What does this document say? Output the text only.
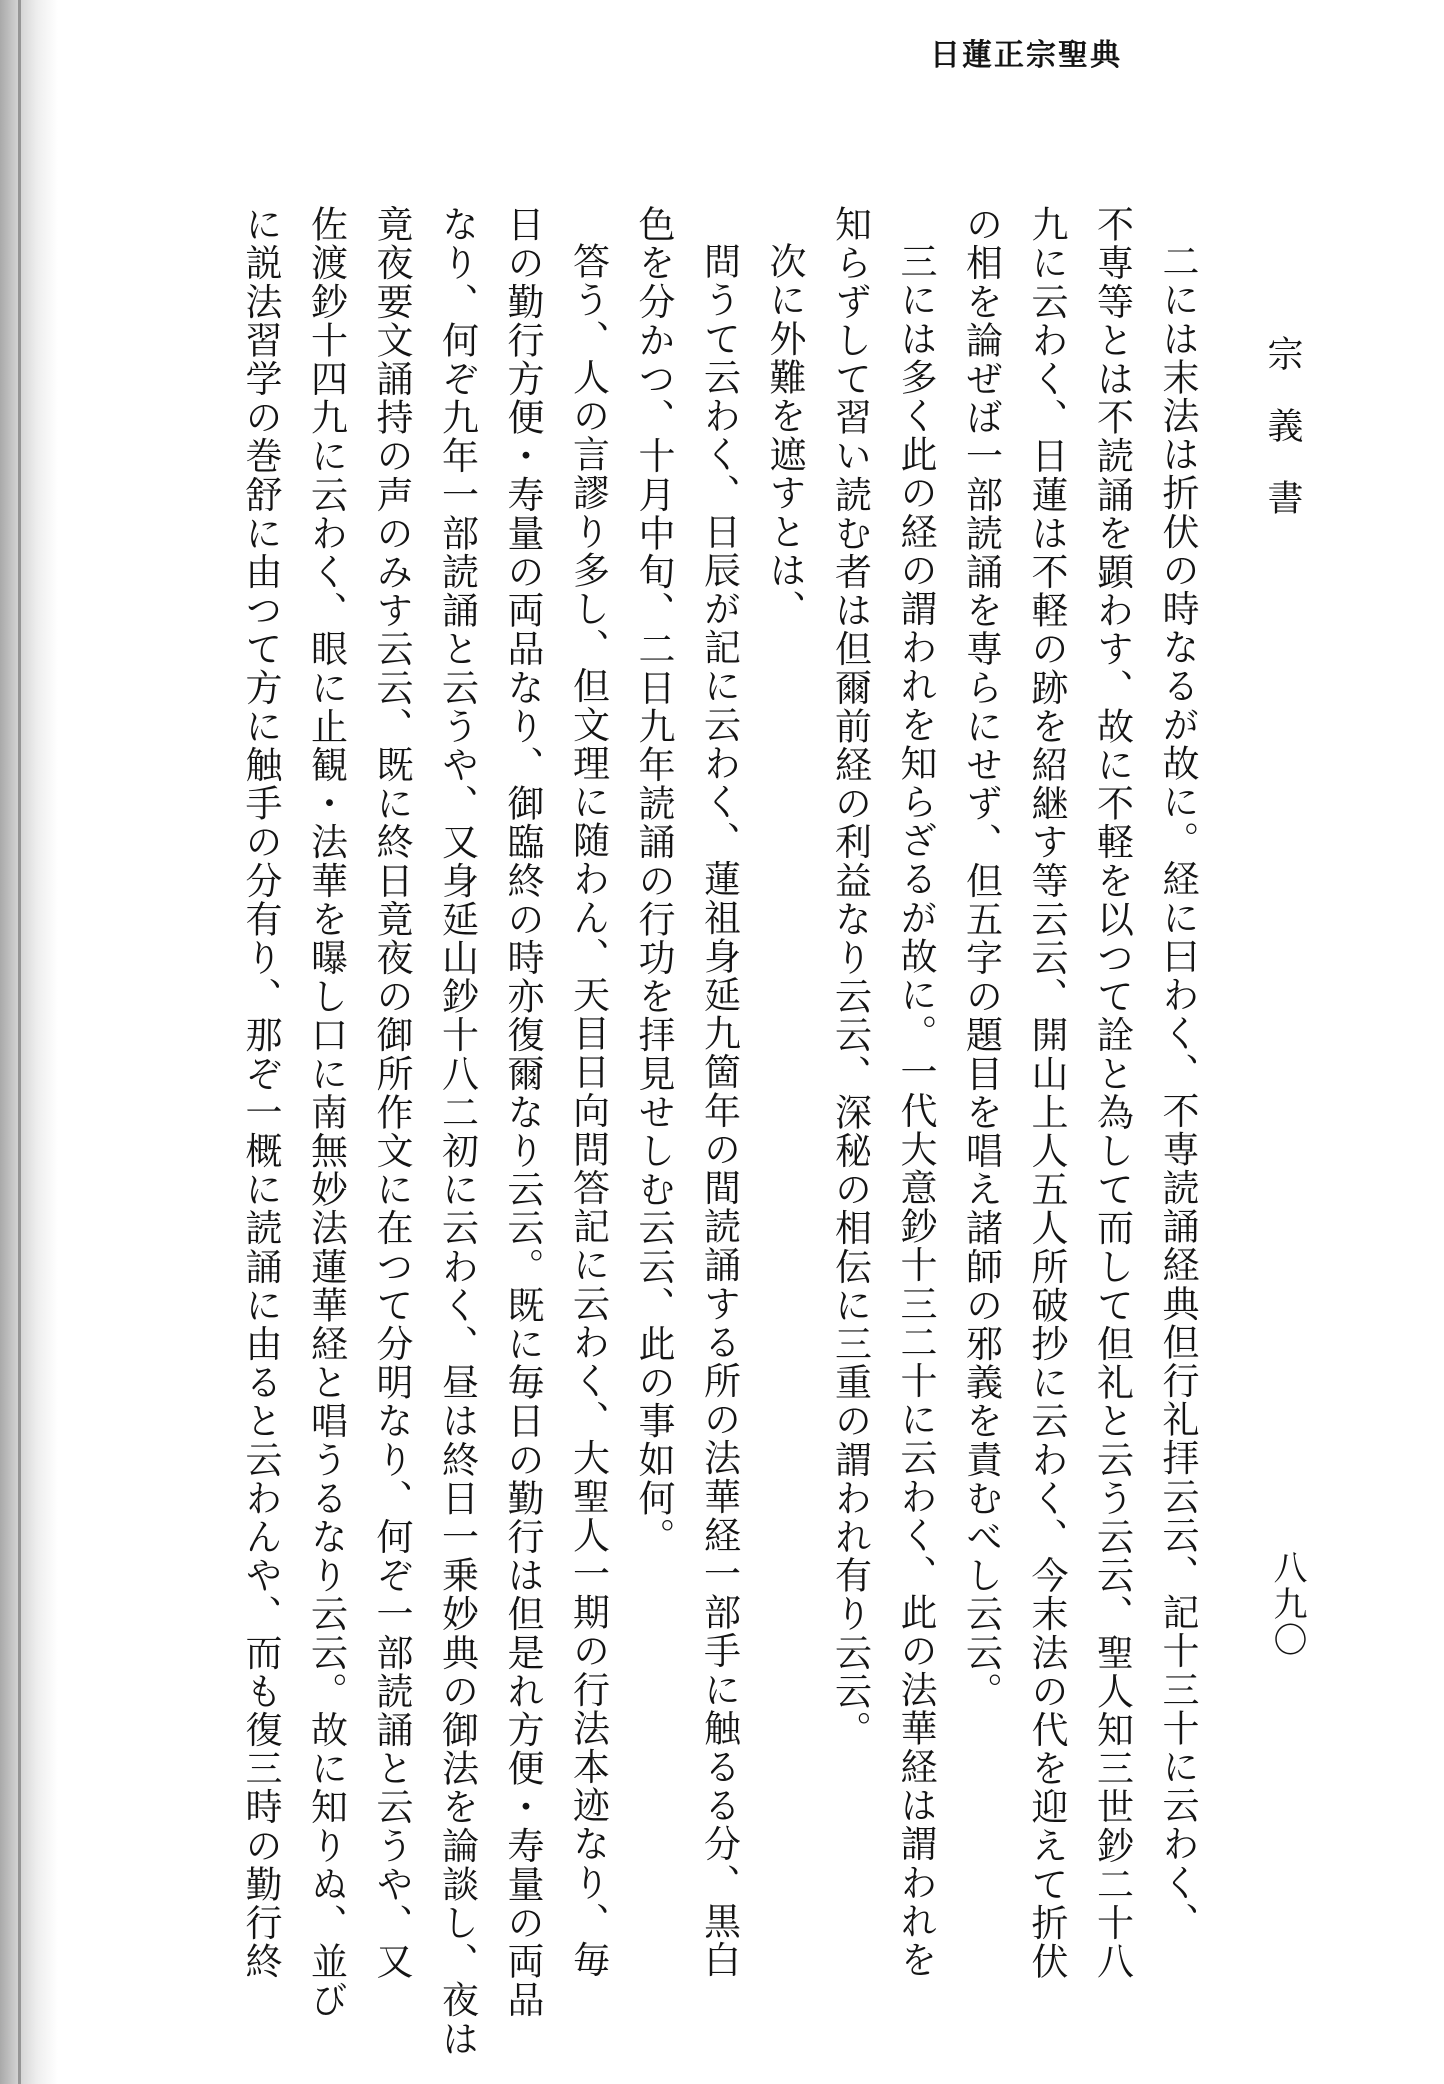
日蓮正宗聖典
宗義書
八九〇
二には末法は折伏の時なるが故に。経に曰わく、不専読誦経典但行礼拝云云、記十三十に云わく、
不専等とは不読誦を顕わす、故に不軽を以つて詮と為して而して但礼と云う云云、聖人知三世鈔二十八
九に云わく、日蓮は不軽の跡を紹継す等云云、開山上人五人所破抄に云わく、今末法の代を迎えて折伏
の相を論ぜば一部読誦を専らにせず、但五字の題目を唱え諸師の邪義を責むべし云云。
三には多く此の経の謂われを知らざるが故に。一代大意鈔十三二十に云わく、此の法華経は謂われを
知らずして習い読む者は但爾前経の利益なり云云、深秘の相伝に三重の謂われ有り云云。
次に外難を遮すとは、
問うて云わく、日辰が記に云わく、蓮祖身延九箇年の間読誦する所の法華経一部手に触るる分、黒白
色を分かつ、十月中旬、二日九年読誦の行功を拝見せしむ云云、此の事如何。
答う、人の言謬り多し、但文理に随わん、天目日向問答記に云わく、大聖人一期の行法本迹なり、毎
日の勤行方便・寿量の両品なり、御臨終の時亦復爾なり云云。既に毎日の勤行は但是れ方便・寿量の両品
なり、何ぞ九年一部読誦と云うや、又身延山鈔十八二初に云わく、昼は終日一乗妙典の御法を論談し、夜は
竟夜要文誦持の声のみす云云、既に終日竟夜の御所作文に在つて分明なり、何ぞ一部読誦と云うや、又
佐渡鈔十四九に云わく、眼に止観・法華を曝し口に南無妙法蓮華経と唱うるなり云云。故に知りぬ、並び
に説法習学の巻舒に由つて方に触手の分有り、那ぞ一概に読誦に由ると云わんや、而も復三時の勤行終
